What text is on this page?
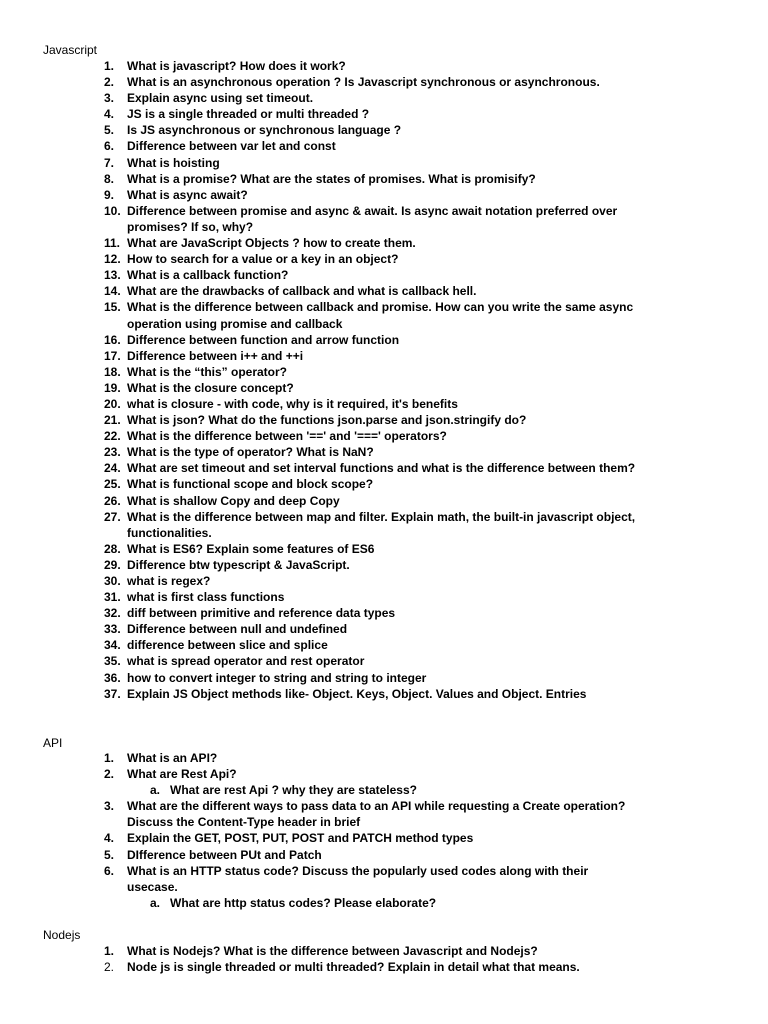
Javascript
1. What is javascript? How does it work?
2. What is an asynchronous operation ? Is Javascript synchronous or asynchronous.
3. Explain async using set timeout.
4. JS is a single threaded or multi threaded ?
5. Is JS asynchronous or synchronous language ?
6. Difference between var let and const
7. What is hoisting
8. What is a promise? What are the states of promises. What is promisify?
9. What is async await?
10. Difference between promise and async & await. Is async await notation preferred over promises? If so, why?
11. What are JavaScript Objects ? how to create them.
12. How to search for a value or a key in an object?
13. What is a callback function?
14. What are the drawbacks of callback and what is callback hell.
15. What is the difference between callback and promise. How can you write the same async operation using promise and callback
16. Difference between function and arrow function
17. Difference between i++ and ++i
18. What is the “this” operator?
19. What is the closure concept?
20. what is closure - with code, why is it required, it's benefits
21. What is json? What do the functions json.parse and json.stringify do?
22. What is the difference between '==' and '===' operators?
23. What is the type of operator? What is NaN?
24. What are set timeout and set interval functions and what is the difference between them?
25. What is functional scope and block scope?
26. What is shallow Copy and deep Copy
27. What is the difference between map and filter. Explain math, the built-in javascript object, functionalities.
28. What is ES6? Explain some features of ES6
29. Difference btw typescript & JavaScript.
30. what is regex?
31. what is first class functions
32. diff between primitive and reference data types
33. Difference between null and undefined
34. difference between slice and splice
35. what is spread operator and rest operator
36. how to convert integer to string and string to integer
37. Explain JS Object methods like- Object. Keys, Object. Values and Object. Entries
API
1. What is an API?
2. What are Rest Api?
a. What are rest Api ? why they are stateless?
3. What are the different ways to pass data to an API while requesting a Create operation? Discuss the Content-Type header in brief
4. Explain the GET, POST, PUT, POST and PATCH method types
5. DIfference between PUt and Patch
6. What is an HTTP status code? Discuss the popularly used codes along with their usecase.
a. What are http status codes? Please elaborate?
Nodejs
1. What is Nodejs? What is the difference between Javascript and Nodejs?
2. Node js is single threaded or multi threaded? Explain in detail what that means.
